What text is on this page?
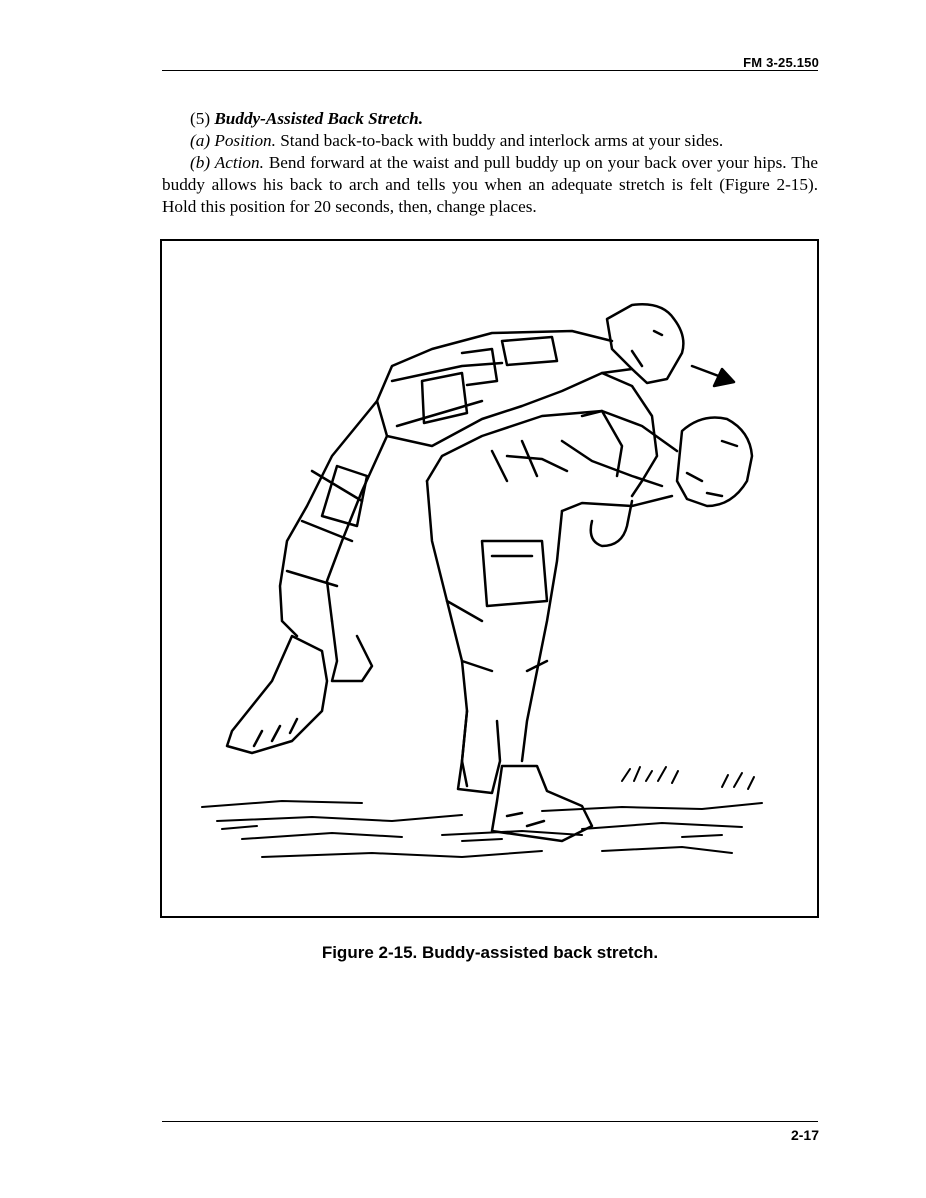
FM 3-25.150

(5) Buddy-Assisted Back Stretch.

(a) Position. Stand back-to-back with buddy and interlock arms at your sides.

(b) Action. Bend forward at the waist and pull buddy up on your back over your hips. The buddy allows his back to arch and tells you when an adequate stretch is felt (Figure 2-15). Hold this position for 20 seconds, then, change places.

Figure 2-15. Buddy-assisted back stretch.
2-17
